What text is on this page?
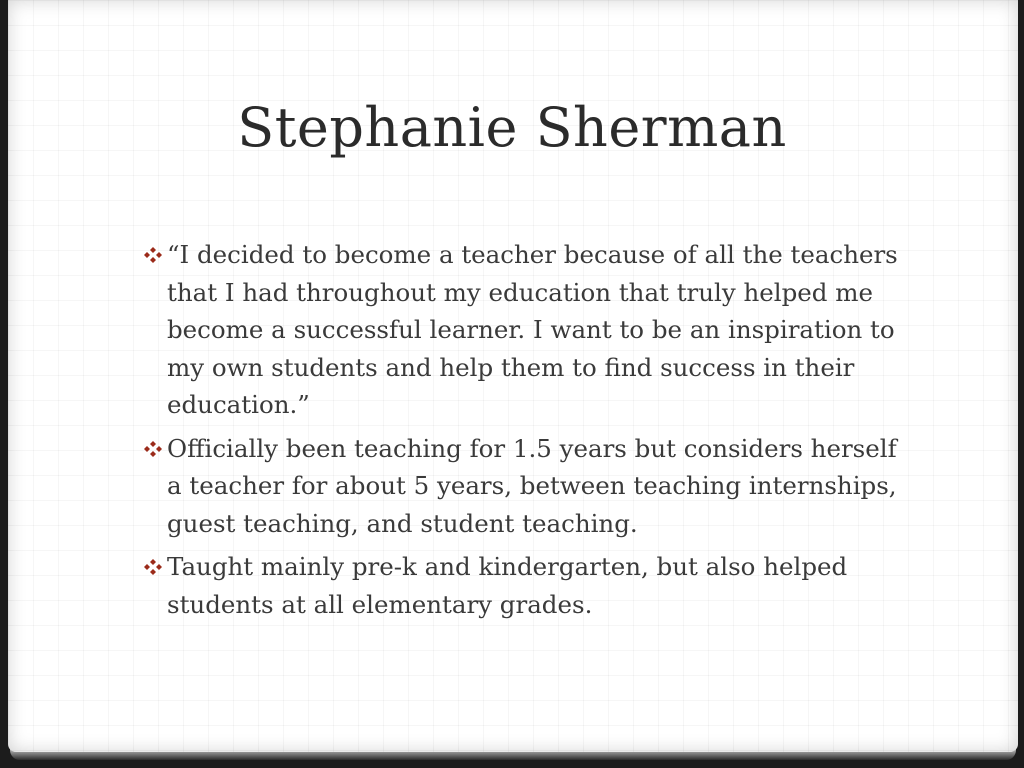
Stephanie Sherman
“I decided to become a teacher because of all the teachers that I had throughout my education that truly helped me become a successful learner. I want to be an inspiration to my own students and help them to find success in their education.”
Officially been teaching for 1.5 years but considers herself a teacher for about 5 years, between teaching internships, guest teaching, and student teaching.
Taught mainly pre-k and kindergarten, but also helped students at all elementary grades.
